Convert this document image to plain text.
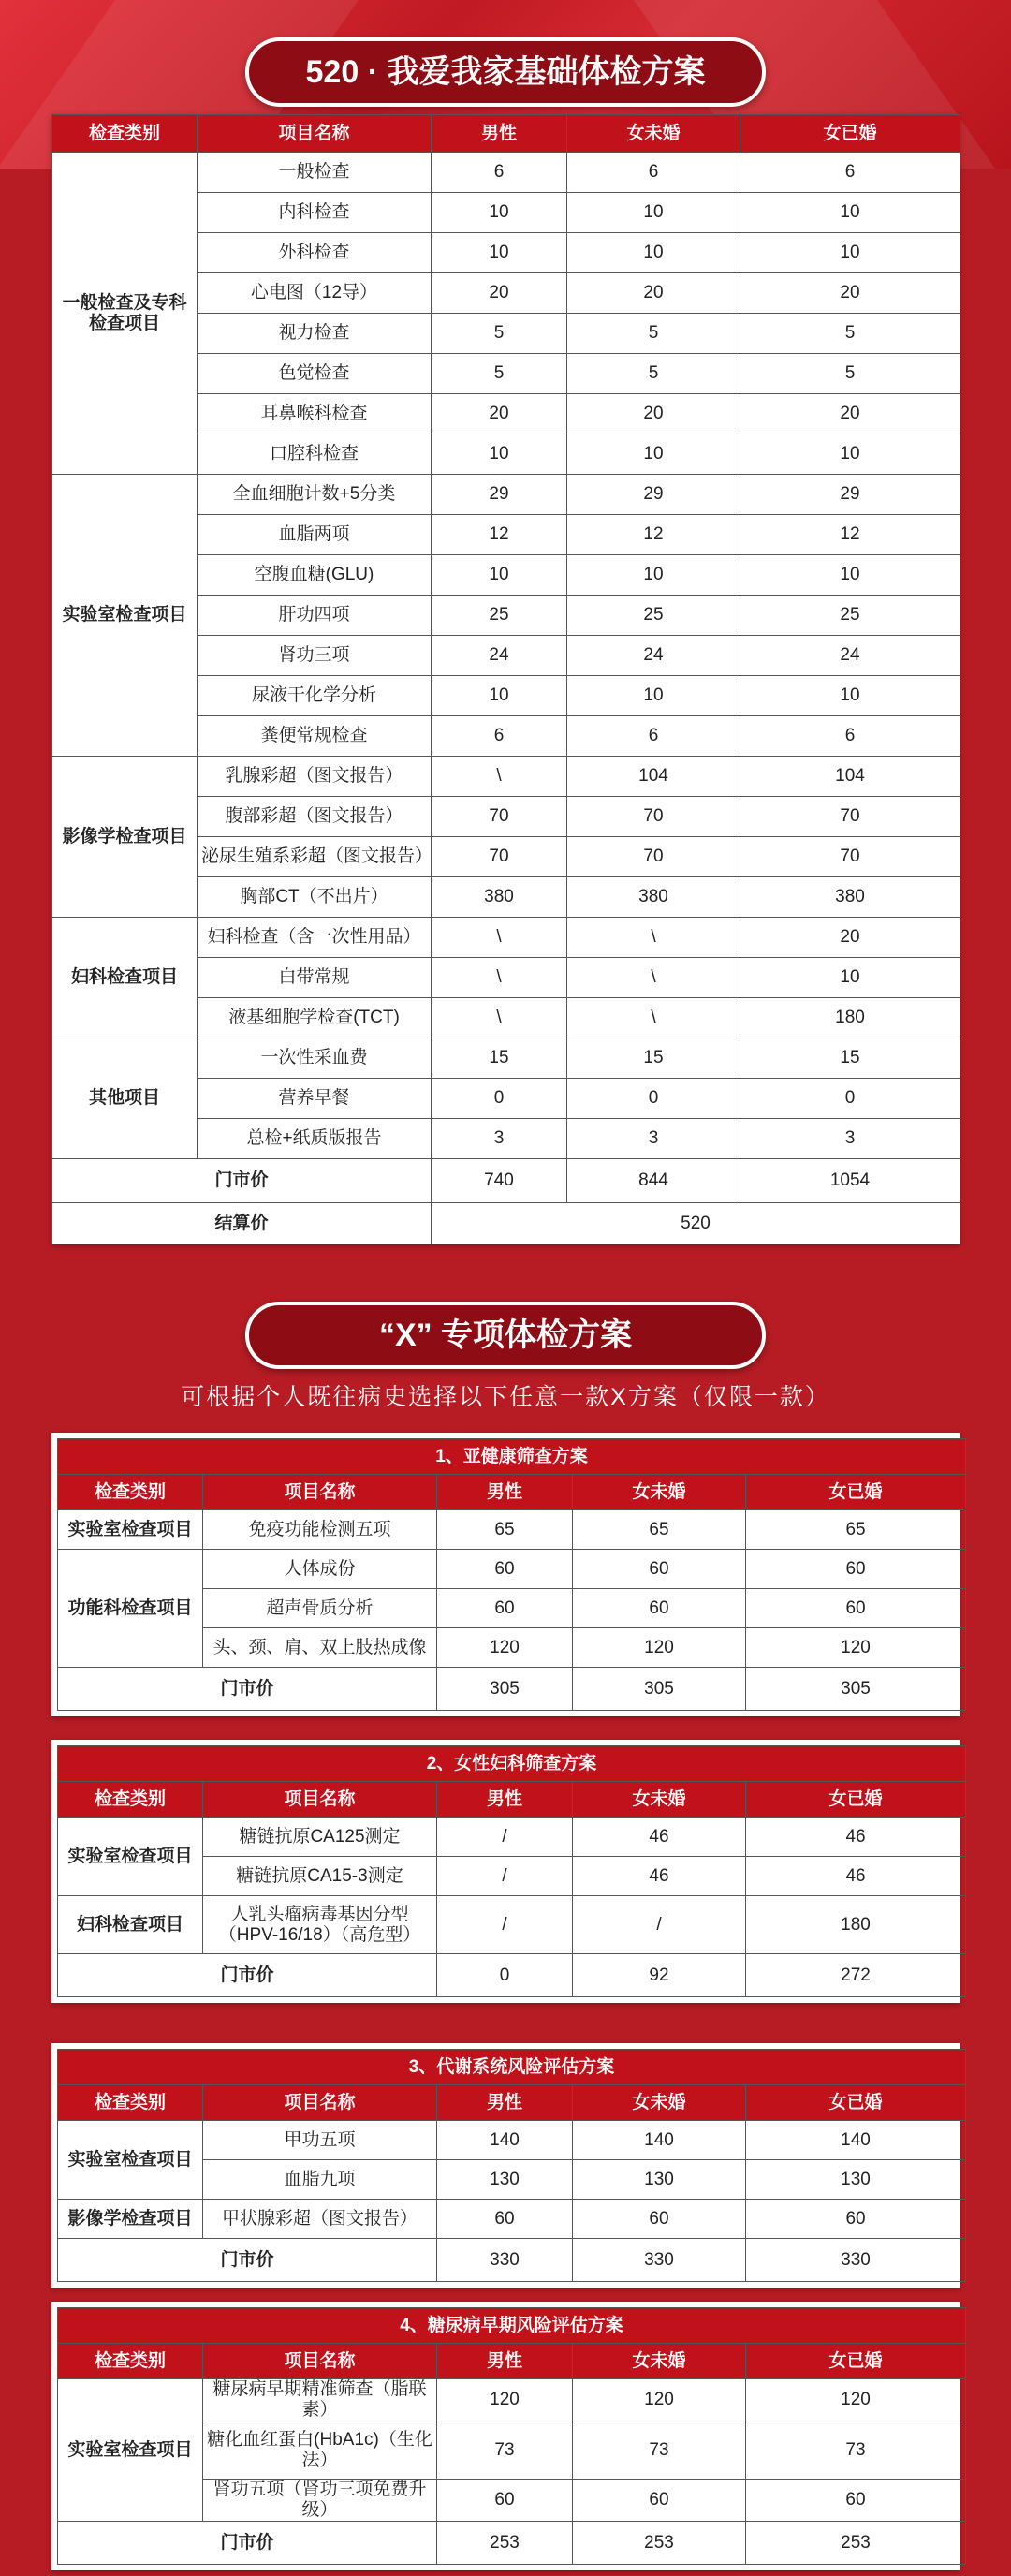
520 · 我爱我家基础体检方案
检查类别	项目名称	男性	女未婚	女已婚
一般检查及专科检查项目	一般检查	6	6	6
	内科检查	10	10	10
	外科检查	10	10	10
	心电图（12导）	20	20	20
	视力检查	5	5	5
	色觉检查	5	5	5
	耳鼻喉科检查	20	20	20
	口腔科检查	10	10	10
实验室检查项目	全血细胞计数+5分类	29	29	29
	血脂两项	12	12	12
	空腹血糖(GLU)	10	10	10
	肝功四项	25	25	25
	肾功三项	24	24	24
	尿液干化学分析	10	10	10
	粪便常规检查	6	6	6
影像学检查项目	乳腺彩超（图文报告）	\	104	104
	腹部彩超（图文报告）	70	70	70
	泌尿生殖系彩超（图文报告）	70	70	70
	胸部CT（不出片）	380	380	380
妇科检查项目	妇科检查（含一次性用品）	\	\	20
	白带常规	\	\	10
	液基细胞学检查(TCT)	\	\	180
其他项目	一次性采血费	15	15	15
	营养早餐	0	0	0
	总检+纸质版报告	3	3	3
门市价		740	844	1054
结算价		520		
“X” 专项体检方案
可根据个人既往病史选择以下任意一款X方案（仅限一款）
1、亚健康筛查方案				
检查类别	项目名称	男性	女未婚	女已婚
实验室检查项目	免疫功能检测五项	65	65	65
功能科检查项目	人体成份	60	60	60
	超声骨质分析	60	60	60
	头、颈、肩、双上肢热成像	120	120	120
门市价		305	305	305
2、女性妇科筛查方案				
检查类别	项目名称	男性	女未婚	女已婚
实验室检查项目	糖链抗原CA125测定	/	46	46
	糖链抗原CA15-3测定	/	46	46
妇科检查项目	人乳头瘤病毒基因分型（HPV-16/18）（高危型）	/	/	180
门市价		0	92	272
3、代谢系统风险评估方案				
检查类别	项目名称	男性	女未婚	女已婚
实验室检查项目	甲功五项	140	140	140
	血脂九项	130	130	130
影像学检查项目	甲状腺彩超（图文报告）	60	60	60
门市价		330	330	330
4、糖尿病早期风险评估方案				
检查类别	项目名称	男性	女未婚	女已婚
实验室检查项目	糖尿病早期精准筛查（脂联素）	120	120	120
	糖化血红蛋白(HbA1c)（生化法）	73	73	73
	肾功五项（肾功三项免费升级）	60	60	60
门市价		253	253	253
